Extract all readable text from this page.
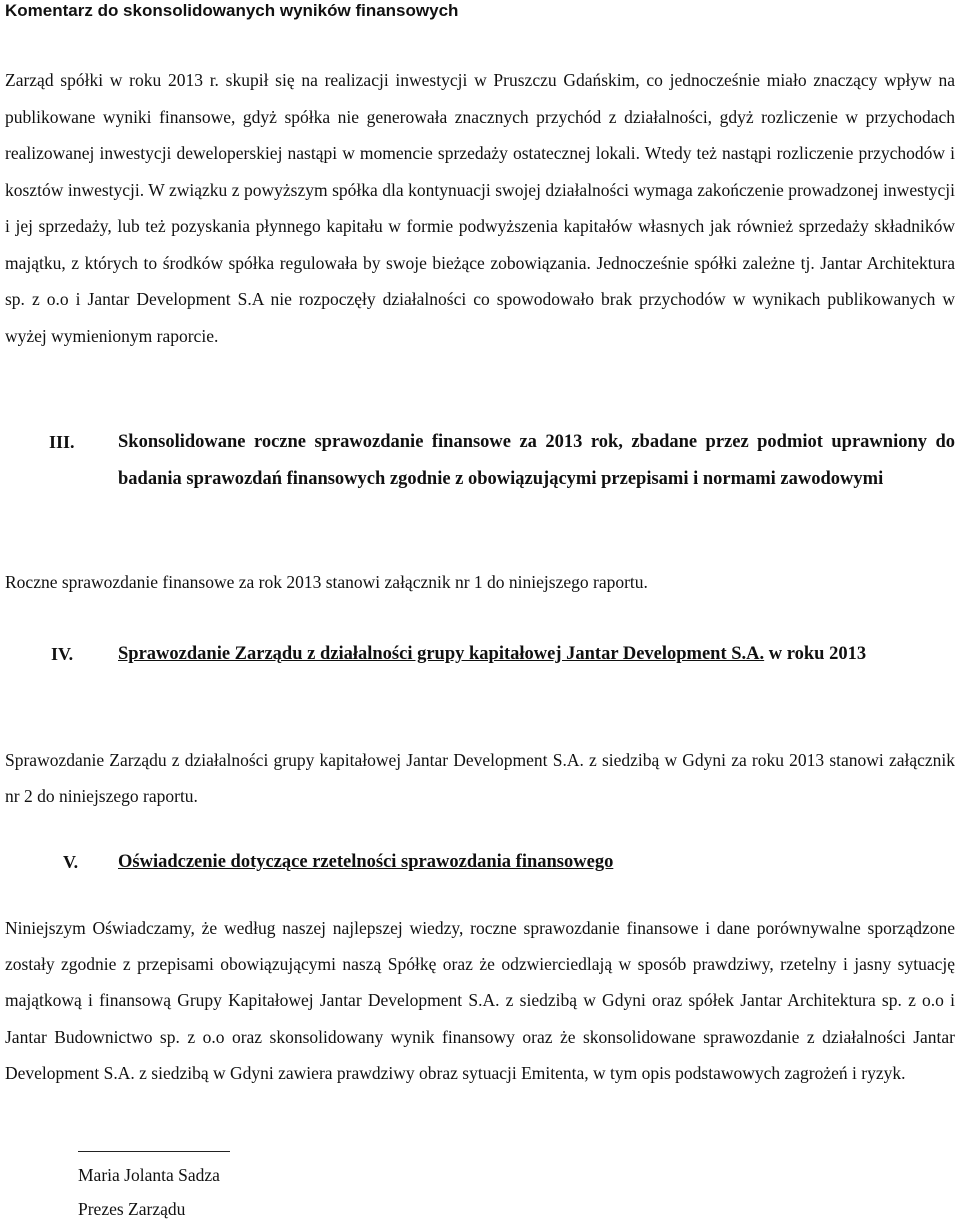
Komentarz do skonsolidowanych wyników finansowych

Zarząd spółki w roku 2013 r. skupił się na realizacji inwestycji w Pruszczu Gdańskim, co jednocześnie miało znaczący wpływ na publikowane wyniki finansowe, gdyż spółka nie generowała znacznych przychód z działalności, gdyż rozliczenie w przychodach realizowanej inwestycji deweloperskiej nastąpi w momencie sprzedaży ostatecznej lokali. Wtedy też nastąpi rozliczenie przychodów i kosztów inwestycji. W związku z powyższym spółka dla kontynuacji swojej działalności wymaga zakończenie prowadzonej inwestycji i jej sprzedaży, lub też pozyskania płynnego kapitału w formie podwyższenia kapitałów własnych jak również sprzedaży składników majątku, z których to środków spółka regulowała by swoje bieżące zobowiązania. Jednocześnie spółki zależne tj. Jantar Architektura sp. z o.o i Jantar Development S.A nie rozpoczęły działalności co spowodowało brak przychodów w wynikach publikowanych w wyżej wymienionym raporcie.

III. Skonsolidowane roczne sprawozdanie finansowe za 2013 rok, zbadane przez podmiot uprawniony do badania sprawozdań finansowych zgodnie z obowiązującymi przepisami i normami zawodowymi

Roczne sprawozdanie finansowe za rok 2013 stanowi załącznik nr 1 do niniejszego raportu.

IV. Sprawozdanie Zarządu z działalności grupy kapitałowej Jantar Development S.A. w roku 2013

Sprawozdanie Zarządu z działalności grupy kapitałowej Jantar Development S.A. z siedzibą w Gdyni za roku 2013 stanowi załącznik nr 2 do niniejszego raportu.

V. Oświadczenie dotyczące rzetelności sprawozdania finansowego

Niniejszym Oświadczamy, że według naszej najlepszej wiedzy, roczne sprawozdanie finansowe i dane porównywalne sporządzone zostały zgodnie z przepisami obowiązującymi naszą Spółkę oraz że odzwierciedlają w sposób prawdziwy, rzetelny i jasny sytuację majątkową i finansową Grupy Kapitałowej Jantar Development S.A. z siedzibą w Gdyni oraz spółek Jantar Architektura sp. z o.o i Jantar Budownictwo sp. z o.o oraz skonsolidowany wynik finansowy oraz że skonsolidowane sprawozdanie z działalności Jantar Development S.A. z siedzibą w Gdyni zawiera prawdziwy obraz sytuacji Emitenta, w tym opis podstawowych zagrożeń i ryzyk.

Maria Jolanta Sadza

Prezes Zarządu
